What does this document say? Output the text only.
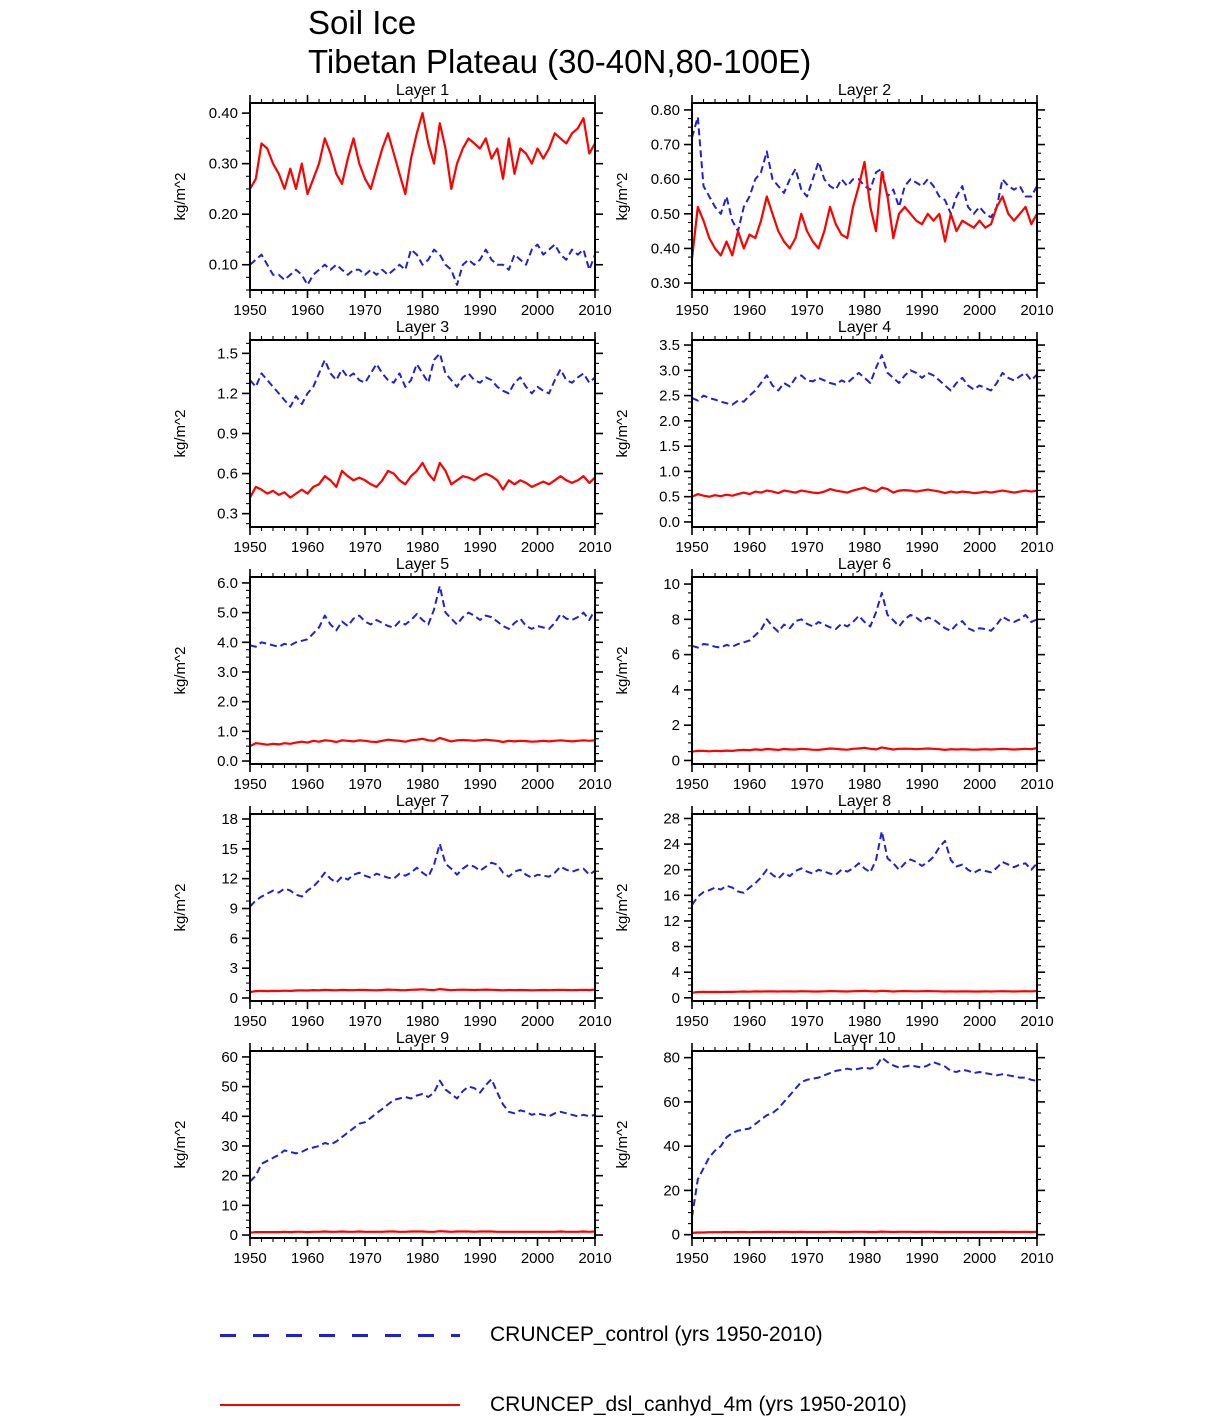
Soil Ice
Tibetan Plateau (30-40N,80-100E)
Layer 1
kg/m^2
1950 1960 1970 1980 1990 2000 2010
0.10
0.20
0.30
0.40
Layer 2
kg/m^2
1950 1960 1970 1980 1990 2000 2010
0.30
0.40
0.50
0.60
0.70
0.80
Layer 3
kg/m^2
1950 1960 1970 1980 1990 2000 2010
0.3
0.6
0.9
1.2
1.5
Layer 4
kg/m^2
1950 1960 1970 1980 1990 2000 2010
0.0
0.5
1.0
1.5
2.0
2.5
3.0
3.5
Layer 5
kg/m^2
1950 1960 1970 1980 1990 2000 2010
0.0
1.0
2.0
3.0
4.0
5.0
6.0
Layer 6
kg/m^2
1950 1960 1970 1980 1990 2000 2010
0
2
4
6
8
10
Layer 7
kg/m^2
1950 1960 1970 1980 1990 2000 2010
0
3
6
9
12
15
18
Layer 8
kg/m^2
1950 1960 1970 1980 1990 2000 2010
0
4
8
12
16
20
24
28
Layer 9
kg/m^2
1950 1960 1970 1980 1990 2000 2010
0
10
20
30
40
50
60
Layer 10
kg/m^2
1950 1960 1970 1980 1990 2000 2010
0
20
40
60
80
CRUNCEP_control (yrs 1950-2010)
CRUNCEP_dsl_canhyd_4m (yrs 1950-2010)
